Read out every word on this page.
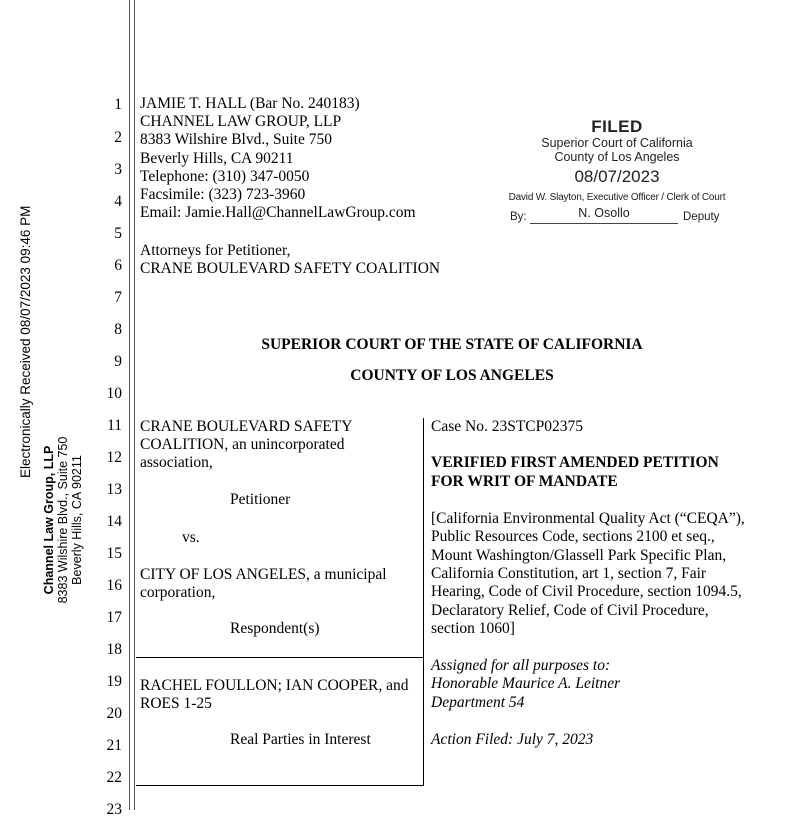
Electronically Received 08/07/2023 09:46 PM
Channel Law Group, LLP 8383 Wilshire Blvd., Suite 750 Beverly Hills, CA 90211
1
2
3
4
5
6
7
8
9
10
11
12
13
14
15
16
17
18
19
20
21
22
23
JAMIE T. HALL (Bar No. 240183)
CHANNEL LAW GROUP, LLP
8383 Wilshire Blvd., Suite 750
Beverly Hills, CA 90211
Telephone: (310) 347-0050
Facsimile: (323) 723-3960
Email: Jamie.Hall@ChannelLawGroup.com
Attorneys for Petitioner,
CRANE BOULEVARD SAFETY COALITION
FILED
Superior Court of California
County of Los Angeles
08/07/2023
David W. Slayton, Executive Officer / Clerk of Court
By:	N. Osollo	Deputy
SUPERIOR COURT OF THE STATE OF CALIFORNIA
COUNTY OF LOS ANGELES
CRANE BOULEVARD SAFETY
COALITION, an unincorporated
association,
Petitioner
vs.
CITY OF LOS ANGELES, a municipal
corporation,
Respondent(s)
RACHEL FOULLON; IAN COOPER, and
ROES 1-25
Real Parties in Interest
Case No. 23STCP02375
VERIFIED FIRST AMENDED PETITION
FOR WRIT OF MANDATE
[California Environmental Quality Act (“CEQA”),
Public Resources Code, sections 2100 et seq.,
Mount Washington/Glassell Park Specific Plan,
California Constitution, art 1, section 7, Fair
Hearing, Code of Civil Procedure, section 1094.5,
Declaratory Relief, Code of Civil Procedure,
section 1060]
Assigned for all purposes to:
Honorable Maurice A. Leitner
Department 54
Action Filed: July 7, 2023
